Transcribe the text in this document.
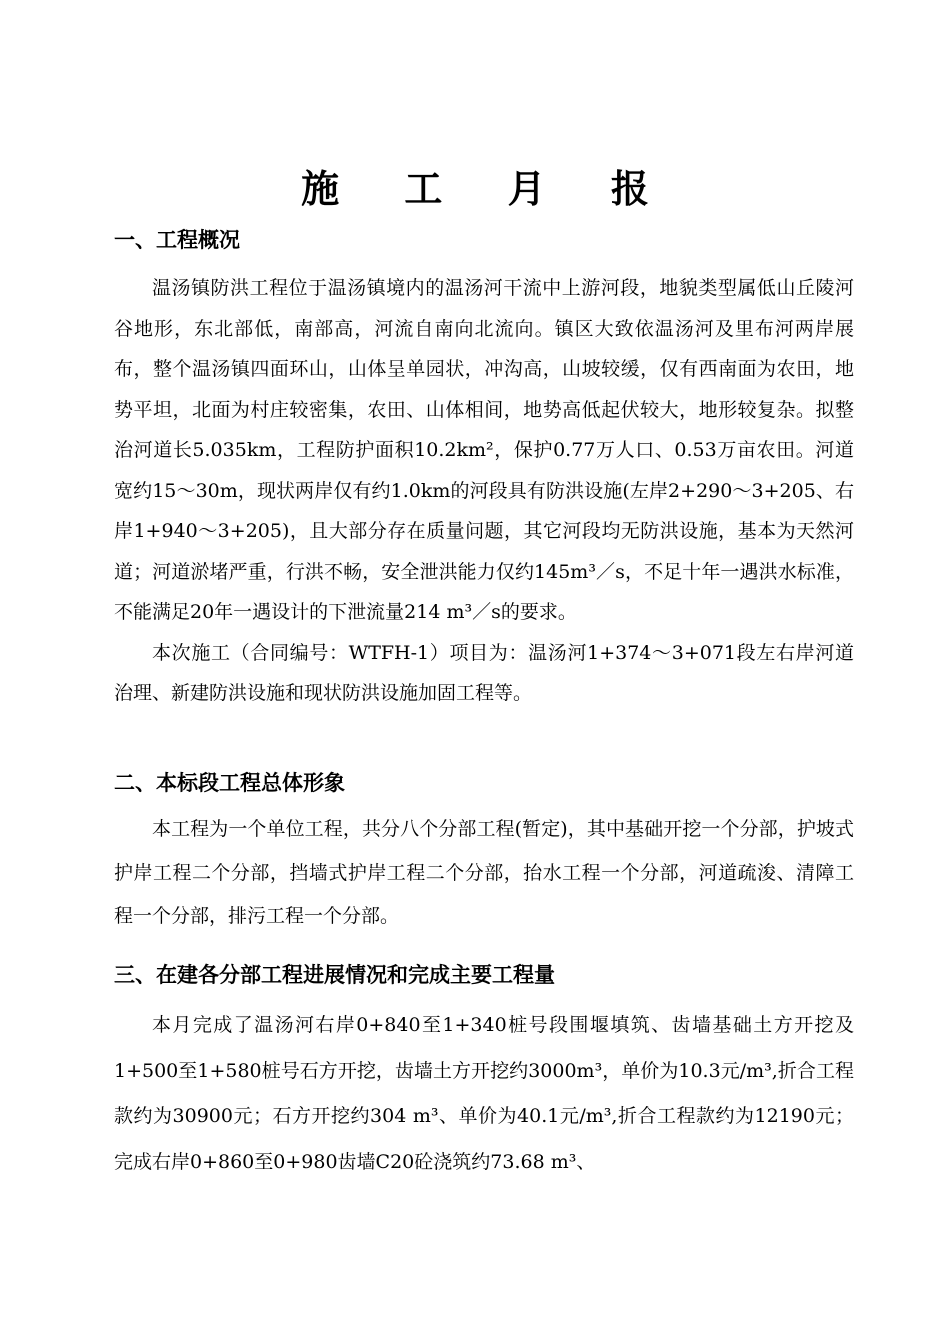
施 工 月 报
一、工程概况

温汤镇防洪工程位于温汤镇境内的温汤河干流中上游河段，地貌类型属低山丘陵河谷地形，东北部低，南部高，河流自南向北流向。镇区大致依温汤河及里布河两岸展布，整个温汤镇四面环山，山体呈单园状，冲沟高，山坡较缓，仅有西南面为农田，地势平坦，北面为村庄较密集，农田、山体相间，地势高低起伏较大，地形较复杂。拟整治河道长5.035km，工程防护面积10.2km²，保护0.77万人口、0.53万亩农田。河道宽约15～30m，现状两岸仅有约1.0km的河段具有防洪设施(左岸2+290～3+205、右岸1+940～3+205)，且大部分存在质量问题，其它河段均无防洪设施，基本为天然河道；河道淤堵严重，行洪不畅，安全泄洪能力仅约145m³／s，不足十年一遇洪水标准，不能满足20年一遇设计的下泄流量214 m³／s的要求。

本次施工（合同编号：WTFH-1）项目为：温汤河1+374～3+071段左右岸河道治理、新建防洪设施和现状防洪设施加固工程等。

二、本标段工程总体形象

本工程为一个单位工程，共分八个分部工程(暂定)，其中基础开挖一个分部，护坡式护岸工程二个分部，挡墙式护岸工程二个分部，抬水工程一个分部，河道疏浚、清障工程一个分部，排污工程一个分部。

三、在建各分部工程进展情况和完成主要工程量

本月完成了温汤河右岸0+840至1+340桩号段围堰填筑、齿墙基础土方开挖及1+500至1+580桩号石方开挖，齿墙土方开挖约3000m³，单价为10.3元/m³,折合工程款约为30900元；石方开挖约304 m³、单价为40.1元/m³,折合工程款约为12190元；完成右岸0+860至0+980齿墙C20砼浇筑约73.68 m³、
